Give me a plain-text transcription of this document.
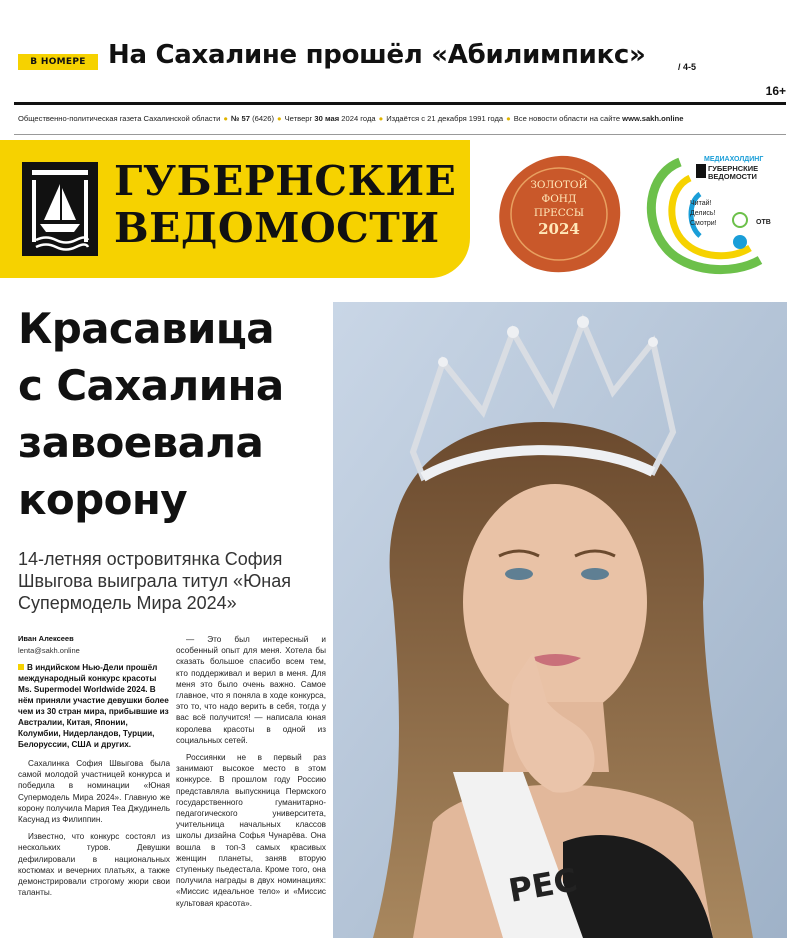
В НОМЕРЕ На Сахалине прошёл «Абилимпикс»	/ 4-5
16+
Общественно-политическая газета Сахалинской области ● № 57 (6426) ● Четверг 30 мая 2024 года ● Издаётся с 21 декабря 1991 года ● Все новости области на сайте www.sakh.online
ГУБЕРНСКИЕ
ВЕДОМОСТИ
ЗОЛОТОЙ
ФОНД
ПРЕССЫ
2024
МЕДИАХОЛДИНГ
ГУБЕРНСКИЕ
ВЕДОМОСТИ
Читай!
Делись!
Смотри!	ОТВ
Красавица
с Сахалина
завоевала
корону
14-летняя островитянка София Швыгова выиграла титул «Юная Супермодель Мира 2024»
Иван Алексеев
lenta@sakh.online

В индийском Нью-Дели прошёл международный конкурс красоты Ms. Supermodel Worldwide 2024. В нём приняли участие девушки более чем из 30 стран мира, прибывшие из Австралии, Китая, Японии, Колумбии, Нидерландов, Турции, Белоруссии, США и других.

Сахалинка София Швыгова была самой молодой участницей конкурса и победила в номинации «Юная Супермодель Мира 2024». Главную же корону получила Мария Теа Джудинель Касунад из Филиппин.

Известно, что конкурс состоял из нескольких туров. Девушки дефилировали в национальных костюмах и вечерних платьях, а также демонстрировали строгому жюри свои таланты.

— Это был интересный и особенный опыт для меня. Хотела бы сказать большое спасибо всем тем, кто поддерживал и верил в меня. Для меня это было очень важно. Самое главное, что я поняла в ходе конкурса, это то, что надо верить в себя, тогда у вас всё получится! — написала юная королева красоты в одной из социальных сетей.

Россиянки не в первый раз занимают высокое место в этом конкурсе. В прошлом году Россию представляла выпускница Пермского государственного гуманитарно-педагогического университета, учительница начальных классов школы дизайна Софья Чунарёва. Она вошла в топ-3 самых красивых женщин планеты, заняв вторую ступеньку пьедестала. Кроме того, она получила награды в двух номинациях: «Миссис идеальное тело» и «Миссис культовая красота».	РЕС
